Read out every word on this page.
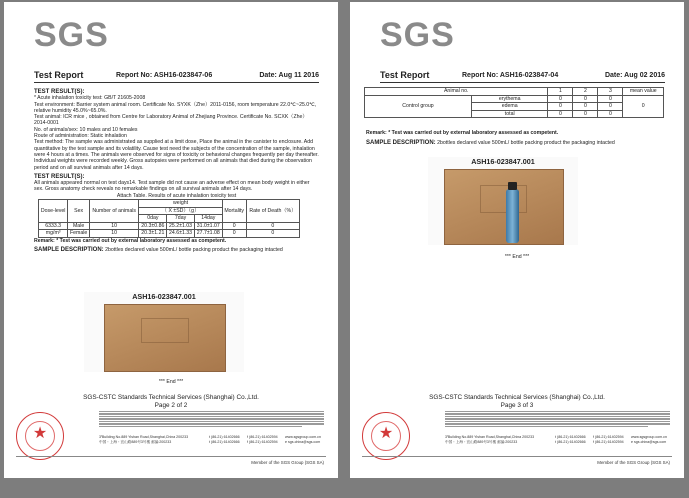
SGS
Test Report	Report No: ASH16-023847-06	Date: Aug 11 2016

TEST RESULT(S):

* Acute inhalation toxicity test: GB/T 21605-2008

Test environment: Barrier system animal room. Certificate No. SYXK（Zhe）2011-0156, room temperature 22.0℃~25.0℃, relative humidity 45.0%~65.0%.

Test animal: ICR mice , obtained from Centre for Laboratory Animal of Zhejiang Province. Certificate No. SCXK（Zhe）2014-0001

No. of animals/sex: 10 males and 10 females

Route of administration: Static inhalation

Test method: The sample was administrated as supplied at a limit dose, Place the animal in the canister to enclosure. Add quantitative by the test sample and its volatility. Cause test need the subjects of the concentration of the sample, inhalation were 4 hours at a times. The animals were observed for signs of toxicity or behavioral changes frequently per day thereafter. Individual weights were recorded weekly. Gross autopsies were performed on all animals that died during the observation period and on all survival animals after 14 days.

TEST RESULT(S):

All animals appeared normal on test days14. Test sample did not cause an adverse effect on mean body weight in either sex. Gross anatomy check reveals no remarkable findings on all survival animals after 14 days.

Attach Table. Results of acute inhalation toxicity test

Dose-level	Sex	Number of animals	weight			Mortality	Rate of Death（%）
			（ X̄ ±SD）（g）				
			0day	7day	14day		
6333.3	Male	10	20.3±0.86	25.2±1.03	31.0±1.07	0	0
mg/m³	Female	10	20.3±1.21	24.6±1.33	27.7±1.08	0	0

Remark: * Test was carried out by external laboratory assessed as competent.

SAMPLE DESCRIPTION: 2bottles declared value 500mL/ bottle packing product the packaging intacted

ASH16-023847.001
*** End ***
SGS-CSTC Standards Technical Services (Shanghai) Co.,Ltd.
Page 2 of 2
★	3ᶠBuilding No.889 Yishan Road,Shanghai,China 200233	t (86-21) 61402666 f (86-21) 61402594 www.sgsgroup.com.cn
中国・上海・宜山路889号3号楼 邮编:200233	t (86-21) 61402666 f (86-21) 61402594 e sgs.china@sgs.com
Member of the SGS Group (SGS SA)
SGS
Test Report	Report No: ASH16-023847-04	Date: Aug 02 2016
Animal no.		1	2	3	mean value
Control group	erythema	0	0	0	0
	edema	0	0	0	
	total	0	0	0	

Remark: * Test was carried out by external laboratory assessed as competent.

SAMPLE DESCRIPTION: 2bottles declared value 500mL/ bottle packing product the packaging intacted

ASH16-023847.001
*** End ***
SGS-CSTC Standards Technical Services (Shanghai) Co.,Ltd.
Page 3 of 3
★	3ᶠBuilding No.889 Yishan Road,Shanghai,China 200233	t (86-21) 61402666 f (86-21) 61402594 www.sgsgroup.com.cn
中国・上海・宜山路889号3号楼 邮编:200233	t (86-21) 61402666 f (86-21) 61402594 e sgs.china@sgs.com
Member of the SGS Group (SGS SA)
